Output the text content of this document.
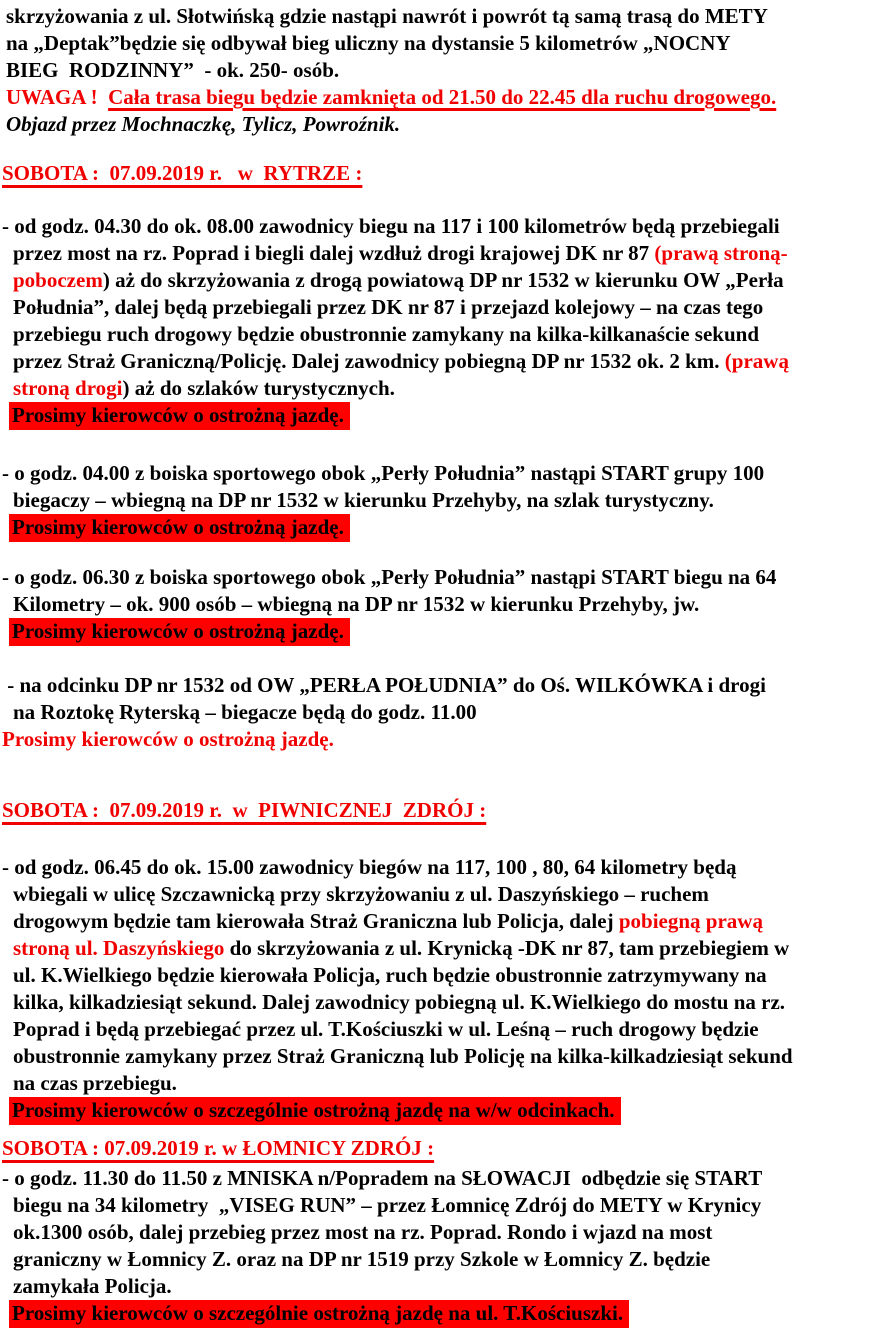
skrzyżowania z ul. Słotwińską gdzie nastąpi nawrót i powrót tą samą trasą do METY
na „Deptak”będzie się odbywał bieg uliczny na dystansie 5 kilometrów „NOCNY
BIEG  RODZINNY”  - ok. 250- osób.
UWAGA !  Cała trasa biegu będzie zamknięta od 21.50 do 22.45 dla ruchu drogowego.
Objazd przez Mochnaczkę, Tylicz, Powroźnik.
SOBOTA :  07.09.2019 r.   w  RYTRZE :
- od godz. 04.30 do ok. 08.00 zawodnicy biegu na 117 i 100 kilometrów będą przebiegali
przez most na rz. Poprad i biegli dalej wzdłuż drogi krajowej DK nr 87 (prawą stroną-
poboczem) aż do skrzyżowania z drogą powiatową DP nr 1532 w kierunku OW „Perła
Południa”, dalej będą przebiegali przez DK nr 87 i przejazd kolejowy – na czas tego
przebiegu ruch drogowy będzie obustronnie zamykany na kilka-kilkanaście sekund
przez Straż Graniczną/Policję. Dalej zawodnicy pobiegną DP nr 1532 ok. 2 km. (prawą
stroną drogi) aż do szlaków turystycznych.
Prosimy kierowców o ostrożną jazdę.
- o godz. 04.00 z boiska sportowego obok „Perły Południa” nastąpi START grupy 100
biegaczy – wbiegną na DP nr 1532 w kierunku Przehyby, na szlak turystyczny.
Prosimy kierowców o ostrożną jazdę.
- o godz. 06.30 z boiska sportowego obok „Perły Południa” nastąpi START biegu na 64
Kilometry – ok. 900 osób – wbiegną na DP nr 1532 w kierunku Przehyby, jw.
Prosimy kierowców o ostrożną jazdę.
- na odcinku DP nr 1532 od OW „PERŁA POŁUDNIA” do Oś. WILKÓWKA i drogi
na Roztokę Ryterską – biegacze będą do godz. 11.00
Prosimy kierowców o ostrożną jazdę.
SOBOTA :  07.09.2019 r.  w  PIWNICZNEJ  ZDRÓJ :
- od godz. 06.45 do ok. 15.00 zawodnicy biegów na 117, 100 , 80, 64 kilometry będą
wbiegali w ulicę Szczawnicką przy skrzyżowaniu z ul. Daszyńskiego – ruchem
drogowym będzie tam kierowała Straż Graniczna lub Policja, dalej pobiegną prawą
stroną ul. Daszyńskiego do skrzyżowania z ul. Krynicką -DK nr 87, tam przebiegiem w
ul. K.Wielkiego będzie kierowała Policja, ruch będzie obustronnie zatrzymywany na
kilka, kilkadziesiąt sekund. Dalej zawodnicy pobiegną ul. K.Wielkiego do mostu na rz.
Poprad i będą przebiegać przez ul. T.Kościuszki w ul. Leśną – ruch drogowy będzie
obustronnie zamykany przez Straż Graniczną lub Policję na kilka-kilkadziesiąt sekund
na czas przebiegu.
Prosimy kierowców o szczególnie ostrożną jazdę na w/w odcinkach.
SOBOTA : 07.09.2019 r. w ŁOMNICY ZDRÓJ :
- o godz. 11.30 do 11.50 z MNISKA n/Popradem na SŁOWACJI  odbędzie się START
biegu na 34 kilometry  „VISEG RUN” – przez Łomnicę Zdrój do METY w Krynicy
ok.1300 osób, dalej przebieg przez most na rz. Poprad. Rondo i wjazd na most
graniczny w Łomnicy Z. oraz na DP nr 1519 przy Szkole w Łomnicy Z. będzie
zamykała Policja.
Prosimy kierowców o szczególnie ostrożną jazdę na ul. T.Kościuszki.
